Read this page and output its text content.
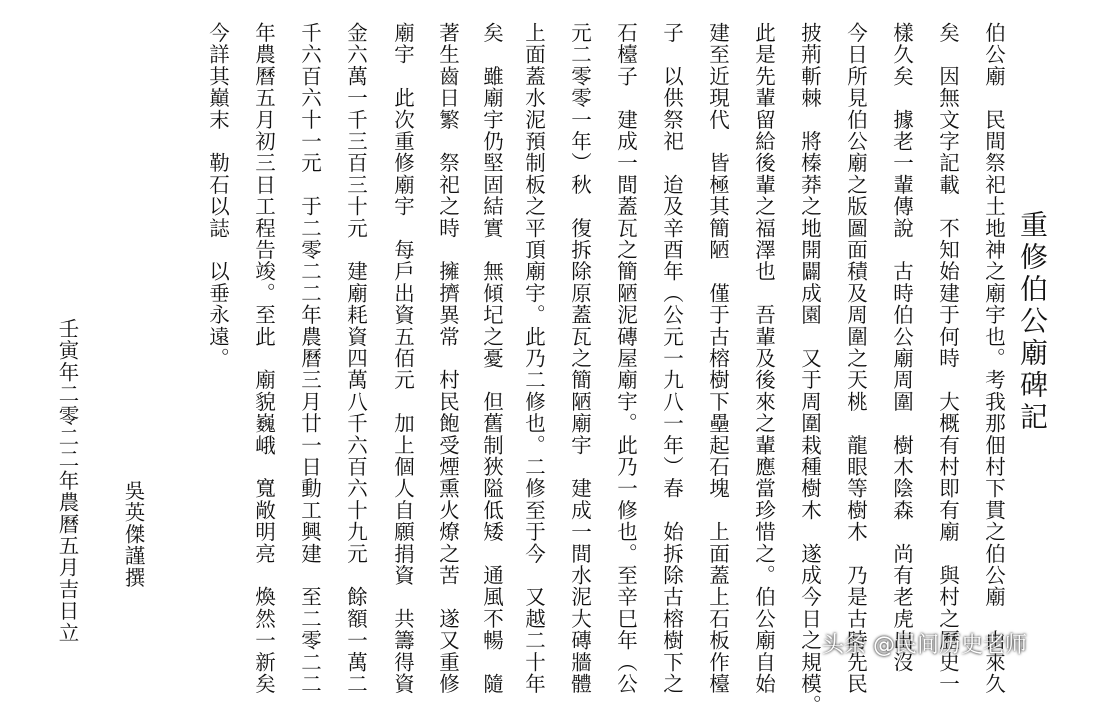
重修伯公廟碑記
伯公廟　民間祭祀土地神之廟宇也。考我那佃村下貫之伯公廟　由來久
矣　因無文字記載　不知始建于何時　大概有村即有廟　與村之歷史一
樣久矣　據老一輩傳說　古時伯公廟周圍　樹木陰森　尚有老虎出沒
今日所見伯公廟之版圖面積及周圍之天桃　龍眼等樹木　乃是古時先民
披荊斬棘　將榛莽之地開闢成園　又于周圍栽種樹木　遂成今日之規模。
此是先輩留給後輩之福澤也　吾輩及後來之輩應當珍惜之。伯公廟自始
建至近現代　皆極其簡陋　僅于古榕樹下壘起石塊　上面蓋上石板作檯
子　以供祭祀　迨及辛酉年（公元一九八一年）春　始拆除古榕樹下之
石檯子　建成一間蓋瓦之簡陋泥磚屋廟宇。此乃一修也。至辛巳年（公
元二零零一年）秋　復拆除原蓋瓦之簡陋廟宇　建成一間水泥大磚牆體
上面蓋水泥預制板之平頂廟宇。此乃二修也。二修至于今　又越二十年
矣　雖廟宇仍堅固結實　無傾圮之憂　但舊制狹隘低矮　通風不暢　隨
著生齒日繁　祭祀之時　擁擠異常　村民飽受煙熏火燎之苦　遂又重修
廟宇　此次重修廟宇　每戶出資五佰元　加上個人自願捐資　共籌得資
金六萬一千三百三十元　建廟耗資四萬八千六百六十九元　餘額一萬二
千六百六十一元　于二零二二年農曆三月廿一日動工興建　至二零二二
年農曆五月初三日工程告竣。至此　廟貌巍峨　寬敞明亮　煥然一新矣
今詳其巔末　勒石以誌　以垂永遠。
吳英傑謹撰
壬寅年二零二二年農曆五月吉日立
头条 @民间历史老师
